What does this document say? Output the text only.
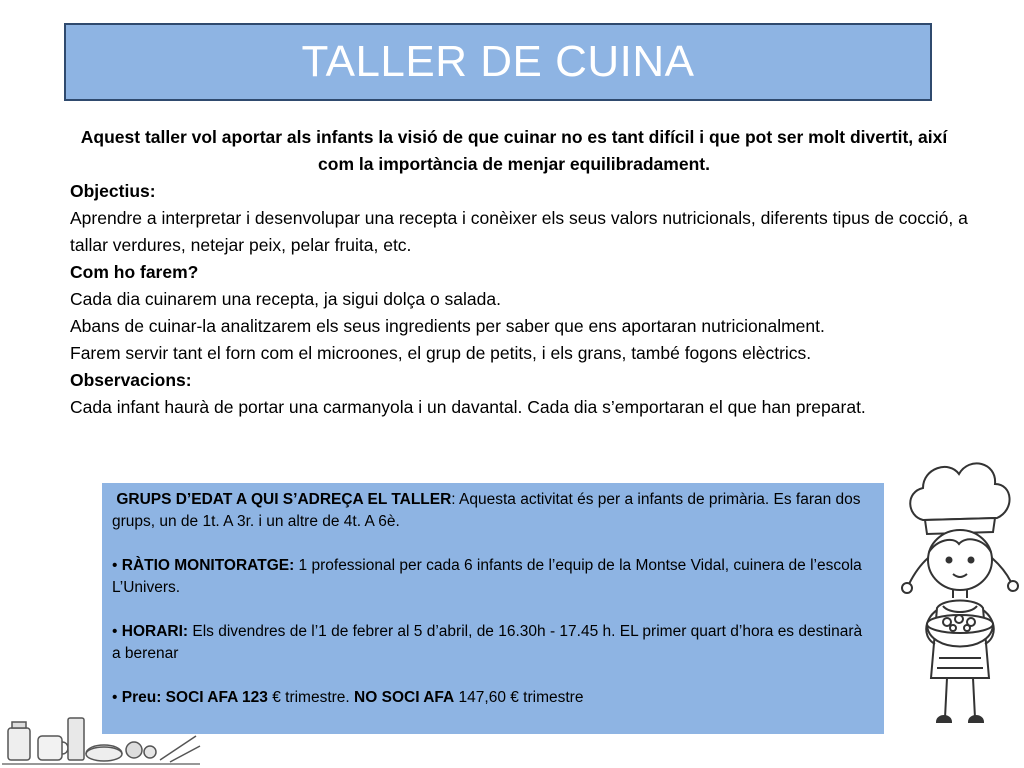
TALLER DE CUINA
Aquest taller vol aportar als infants la visió de que cuinar no es tant difícil i que pot ser molt divertit, així com la importància de menjar equilibradament.

Objectius:

Aprendre a interpretar i desenvolupar una recepta i conèixer els seus valors nutricionals, diferents tipus de cocció, a tallar verdures, netejar peix, pelar fruita, etc.

Com ho farem?

Cada dia cuinarem una recepta, ja sigui dolça o salada.

Abans de cuinar-la analitzarem els seus ingredients per saber que ens aportaran nutricionalment.

Farem servir tant el forn com el microones, el grup de petits, i els grans, també fogons elèctrics.

Observacions:

Cada infant haurà de portar una carmanyola i un davantal. Cada dia s’emportaran el que han preparat.

GRUPS D’EDAT A QUI S’ADREÇA EL TALLER: Aquesta activitat és per a infants de primària. Es faran dos grups, un de 1t. A 3r. i un altre de 4t. A 6è.

• RÀTIO MONITORATGE: 1 professional per cada 6 infants de l’equip de la Montse Vidal, cuinera de l’escola L’Univers.

• HORARI: Els divendres de l’1 de febrer al 5 d’abril, de 16.30h - 17.45 h. EL primer quart d’hora es destinarà a berenar

• Preu: SOCI AFA 123 € trimestre. NO SOCI AFA 147,60 € trimestre
